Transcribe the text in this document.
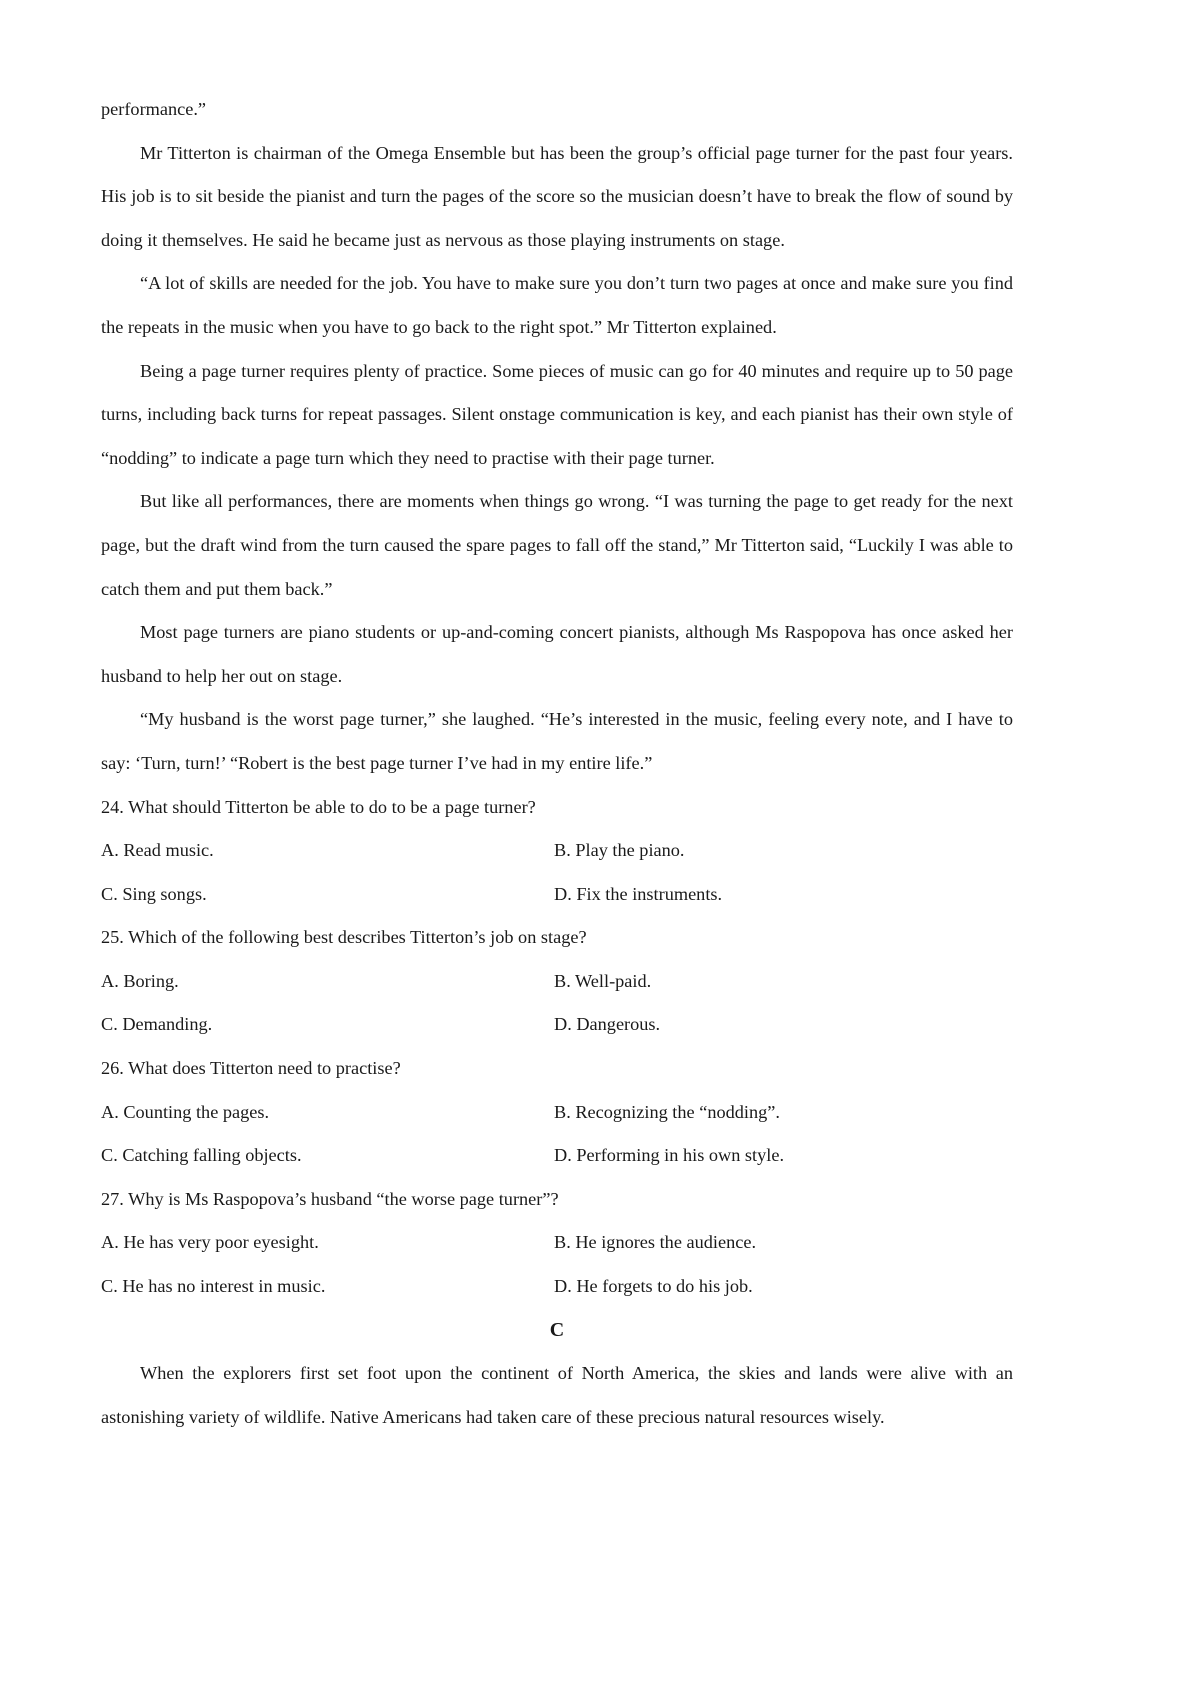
performance.”

Mr Titterton is chairman of the Omega Ensemble but has been the group’s official page turner for the past four years. His job is to sit beside the pianist and turn the pages of the score so the musician doesn’t have to break the flow of sound by doing it themselves. He said he became just as nervous as those playing instruments on stage.

“A lot of skills are needed for the job. You have to make sure you don’t turn two pages at once and make sure you find the repeats in the music when you have to go back to the right spot.” Mr Titterton explained.

Being a page turner requires plenty of practice. Some pieces of music can go for 40 minutes and require up to 50 page turns, including back turns for repeat passages. Silent onstage communication is key, and each pianist has their own style of “nodding” to indicate a page turn which they need to practise with their page turner.

But like all performances, there are moments when things go wrong. “I was turning the page to get ready for the next page, but the draft wind from the turn caused the spare pages to fall off the stand,” Mr Titterton said, “Luckily I was able to catch them and put them back.”

Most page turners are piano students or up-and-coming concert pianists, although Ms Raspopova has once asked her husband to help her out on stage.

“My husband is the worst page turner,” she laughed. “He’s interested in the music, feeling every note, and I have to say: ‘Turn, turn!’ “Robert is the best page turner I’ve had in my entire life.”

24. What should Titterton be able to do to be a page turner?
A. Read music.	B. Play the piano.
C. Sing songs.	D. Fix the instruments.
25. Which of the following best describes Titterton’s job on stage?
A. Boring.	B. Well-paid.
C. Demanding.	D. Dangerous.
26. What does Titterton need to practise?
A. Counting the pages.	B. Recognizing the “nodding”.
C. Catching falling objects.	D. Performing in his own style.
27. Why is Ms Raspopova’s husband “the worse page turner”?
A. He has very poor eyesight.	B. He ignores the audience.
C. He has no interest in music.	D. He forgets to do his job.
C

When the explorers first set foot upon the continent of North America, the skies and lands were alive with an astonishing variety of wildlife. Native Americans had taken care of these precious natural resources wisely.
